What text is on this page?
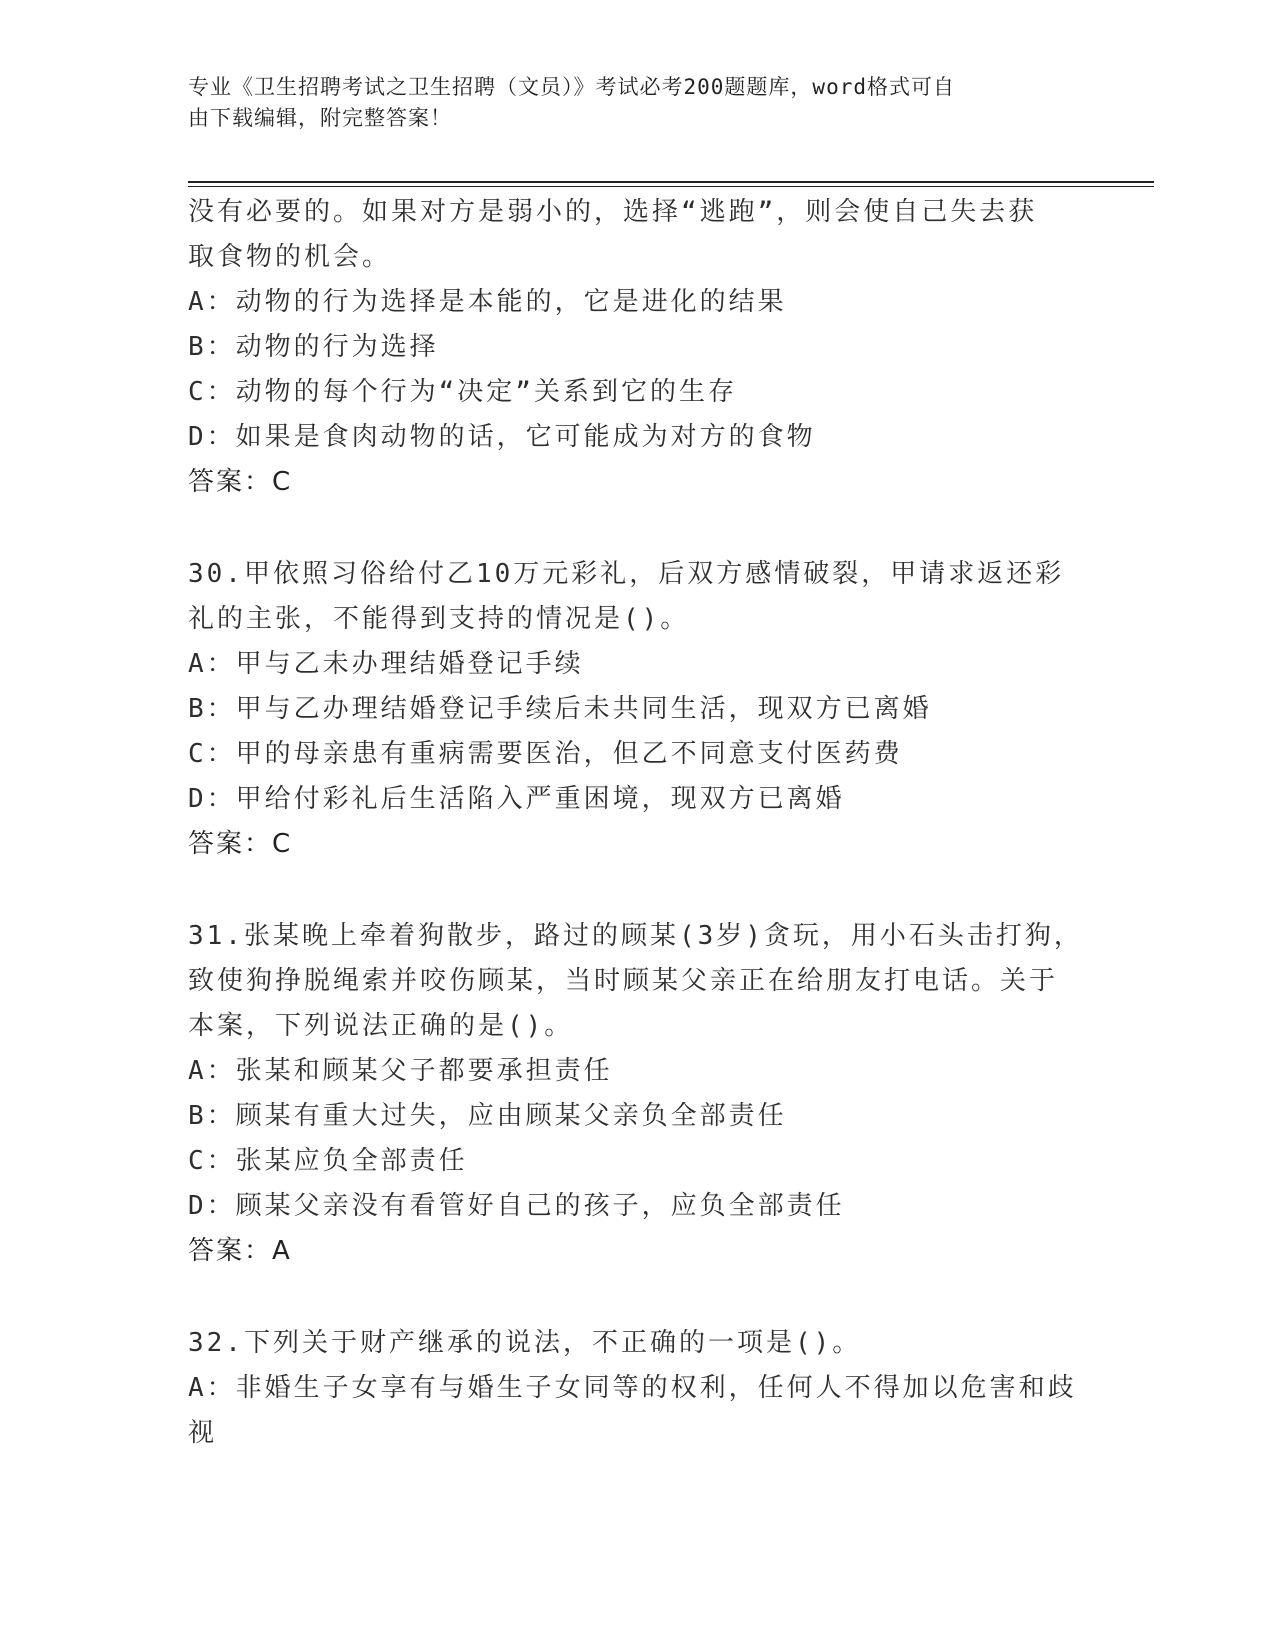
专业《卫生招聘考试之卫生招聘（文员）》考试必考200题题库，word格式可自
由下载编辑，附完整答案！
没有必要的。如果对方是弱小的，选择“逃跑”，则会使自己失去获
取食物的机会。
A：动物的行为选择是本能的，它是进化的结果
B：动物的行为选择
C：动物的每个行为“决定”关系到它的生存
D：如果是食肉动物的话，它可能成为对方的食物
答案：C
30.甲依照习俗给付乙10万元彩礼，后双方感情破裂，甲请求返还彩
礼的主张，不能得到支持的情况是()。
A：甲与乙未办理结婚登记手续
B：甲与乙办理结婚登记手续后未共同生活，现双方已离婚
C：甲的母亲患有重病需要医治，但乙不同意支付医药费
D：甲给付彩礼后生活陷入严重困境，现双方已离婚
答案：C
31.张某晚上牵着狗散步，路过的顾某(3岁)贪玩，用小石头击打狗，
致使狗挣脱绳索并咬伤顾某，当时顾某父亲正在给朋友打电话。关于
本案，下列说法正确的是()。
A：张某和顾某父子都要承担责任
B：顾某有重大过失，应由顾某父亲负全部责任
C：张某应负全部责任
D：顾某父亲没有看管好自己的孩子，应负全部责任
答案：A
32.下列关于财产继承的说法，不正确的一项是()。
A：非婚生子女享有与婚生子女同等的权利，任何人不得加以危害和歧
视
